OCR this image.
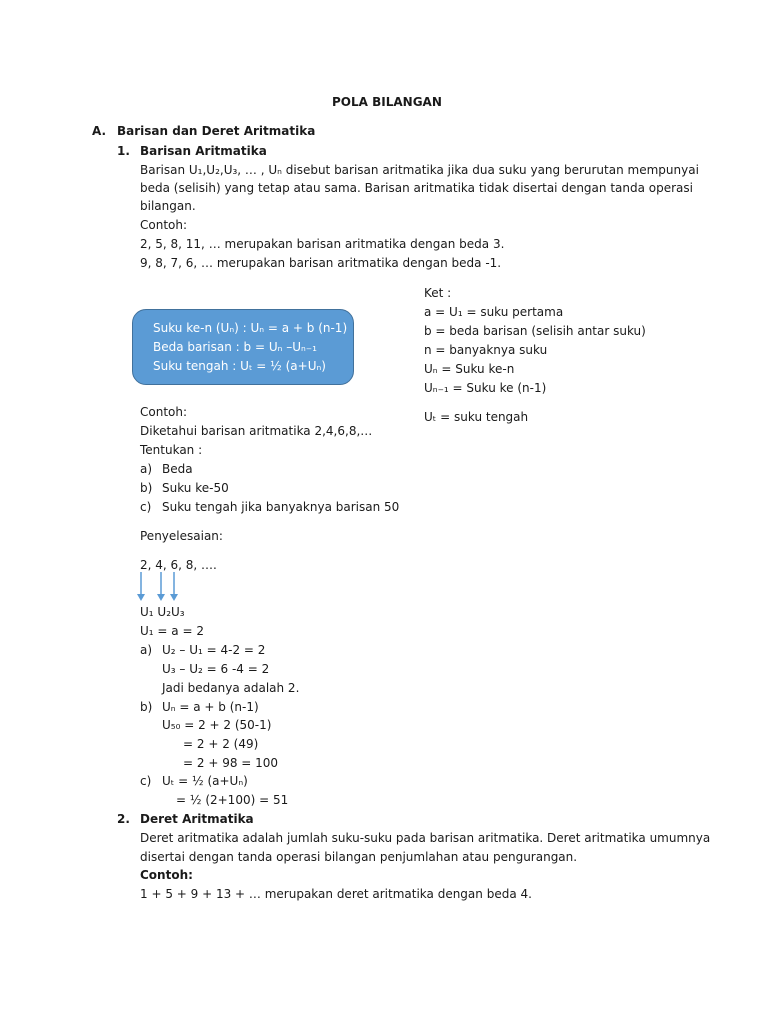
POLA BILANGAN
A. Barisan dan Deret Aritmatika
1. Barisan Aritmatika
Barisan U₁,U₂,U₃, … , Uₙ disebut barisan aritmatika jika dua suku yang berurutan mempunyai
beda (selisih) yang tetap atau sama. Barisan aritmatika tidak disertai dengan tanda operasi
bilangan.
Contoh:
2, 5, 8, 11, … merupakan barisan aritmatika dengan beda 3.
9, 8, 7, 6, … merupakan barisan aritmatika dengan beda -1.
Suku ke-n (Uₙ) : Uₙ = a + b (n-1)
Beda barisan : b = Uₙ –Uₙ₋₁
Suku tengah : Uₜ = ½ (a+Uₙ)
Ket :
a = U₁ = suku pertama
b = beda barisan (selisih antar suku)
n = banyaknya suku
Uₙ = Suku ke-n
Uₙ₋₁ = Suku ke (n-1)
Uₜ = suku tengah
Contoh:
Diketahui barisan aritmatika 2,4,6,8,…
Tentukan :
a) Beda
b) Suku ke-50
c) Suku tengah jika banyaknya barisan 50
Penyelesaian:
2, 4, 6, 8, ….
U₁ U₂U₃
U₁ = a = 2
a) U₂ – U₁ = 4-2 = 2
U₃ – U₂ = 6 -4 = 2
Jadi bedanya adalah 2.
b) Uₙ = a + b (n-1)
U₅₀ = 2 + 2 (50-1)
= 2 + 2 (49)
= 2 + 98 = 100
c) Uₜ = ½ (a+Uₙ)
= ½ (2+100) = 51
2. Deret Aritmatika
Deret aritmatika adalah jumlah suku-suku pada barisan aritmatika. Deret aritmatika umumnya
disertai dengan tanda operasi bilangan penjumlahan atau pengurangan.
Contoh:
1 + 5 + 9 + 13 + … merupakan deret aritmatika dengan beda 4.
